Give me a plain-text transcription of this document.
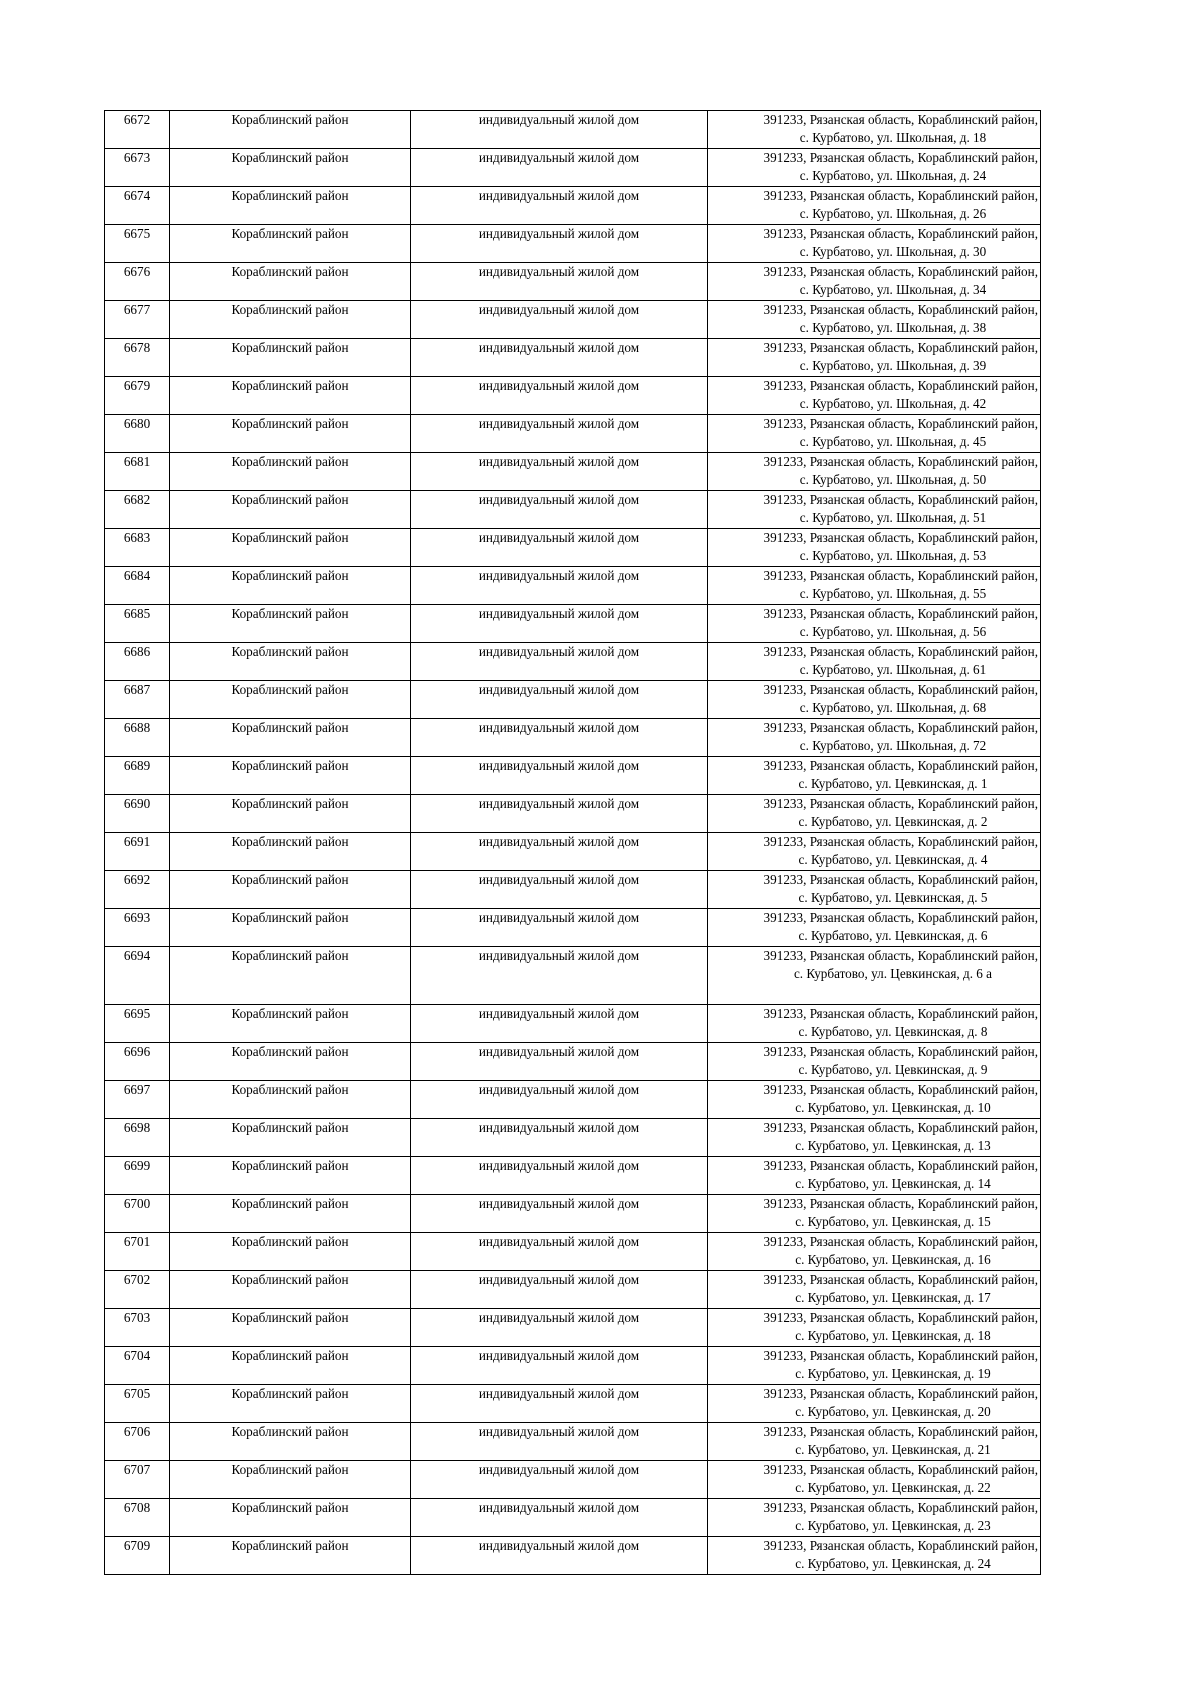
6672	Кораблинский район	индивидуальный жилой дом	391233, Рязанская область, Кораблинский район,
с. Курбатово, ул. Школьная, д. 18

6673	Кораблинский район	индивидуальный жилой дом	391233, Рязанская область, Кораблинский район,
с. Курбатово, ул. Школьная, д. 24

6674	Кораблинский район	индивидуальный жилой дом	391233, Рязанская область, Кораблинский район,
с. Курбатово, ул. Школьная, д. 26

6675	Кораблинский район	индивидуальный жилой дом	391233, Рязанская область, Кораблинский район,
с. Курбатово, ул. Школьная, д. 30

6676	Кораблинский район	индивидуальный жилой дом	391233, Рязанская область, Кораблинский район,
с. Курбатово, ул. Школьная, д. 34

6677	Кораблинский район	индивидуальный жилой дом	391233, Рязанская область, Кораблинский район,
с. Курбатово, ул. Школьная, д. 38

6678	Кораблинский район	индивидуальный жилой дом	391233, Рязанская область, Кораблинский район,
с. Курбатово, ул. Школьная, д. 39

6679	Кораблинский район	индивидуальный жилой дом	391233, Рязанская область, Кораблинский район,
с. Курбатово, ул. Школьная, д. 42

6680	Кораблинский район	индивидуальный жилой дом	391233, Рязанская область, Кораблинский район,
с. Курбатово, ул. Школьная, д. 45

6681	Кораблинский район	индивидуальный жилой дом	391233, Рязанская область, Кораблинский район,
с. Курбатово, ул. Школьная, д. 50

6682	Кораблинский район	индивидуальный жилой дом	391233, Рязанская область, Кораблинский район,
с. Курбатово, ул. Школьная, д. 51

6683	Кораблинский район	индивидуальный жилой дом	391233, Рязанская область, Кораблинский район,
с. Курбатово, ул. Школьная, д. 53

6684	Кораблинский район	индивидуальный жилой дом	391233, Рязанская область, Кораблинский район,
с. Курбатово, ул. Школьная, д. 55

6685	Кораблинский район	индивидуальный жилой дом	391233, Рязанская область, Кораблинский район,
с. Курбатово, ул. Школьная, д. 56

6686	Кораблинский район	индивидуальный жилой дом	391233, Рязанская область, Кораблинский район,
с. Курбатово, ул. Школьная, д. 61

6687	Кораблинский район	индивидуальный жилой дом	391233, Рязанская область, Кораблинский район,
с. Курбатово, ул. Школьная, д. 68

6688	Кораблинский район	индивидуальный жилой дом	391233, Рязанская область, Кораблинский район,
с. Курбатово, ул. Школьная, д. 72

6689	Кораблинский район	индивидуальный жилой дом	391233, Рязанская область, Кораблинский район,
с. Курбатово, ул. Цевкинская, д. 1

6690	Кораблинский район	индивидуальный жилой дом	391233, Рязанская область, Кораблинский район,
с. Курбатово, ул. Цевкинская, д. 2

6691	Кораблинский район	индивидуальный жилой дом	391233, Рязанская область, Кораблинский район,
с. Курбатово, ул. Цевкинская, д. 4

6692	Кораблинский район	индивидуальный жилой дом	391233, Рязанская область, Кораблинский район,
с. Курбатово, ул. Цевкинская, д. 5

6693	Кораблинский район	индивидуальный жилой дом	391233, Рязанская область, Кораблинский район,
с. Курбатово, ул. Цевкинская, д. 6

6694	Кораблинский район	индивидуальный жилой дом	391233, Рязанская область, Кораблинский район,
с. Курбатово, ул. Цевкинская, д. 6 а

6695	Кораблинский район	индивидуальный жилой дом	391233, Рязанская область, Кораблинский район,
с. Курбатово, ул. Цевкинская, д. 8

6696	Кораблинский район	индивидуальный жилой дом	391233, Рязанская область, Кораблинский район,
с. Курбатово, ул. Цевкинская, д. 9

6697	Кораблинский район	индивидуальный жилой дом	391233, Рязанская область, Кораблинский район,
с. Курбатово, ул. Цевкинская, д. 10

6698	Кораблинский район	индивидуальный жилой дом	391233, Рязанская область, Кораблинский район,
с. Курбатово, ул. Цевкинская, д. 13

6699	Кораблинский район	индивидуальный жилой дом	391233, Рязанская область, Кораблинский район,
с. Курбатово, ул. Цевкинская, д. 14

6700	Кораблинский район	индивидуальный жилой дом	391233, Рязанская область, Кораблинский район,
с. Курбатово, ул. Цевкинская, д. 15

6701	Кораблинский район	индивидуальный жилой дом	391233, Рязанская область, Кораблинский район,
с. Курбатово, ул. Цевкинская, д. 16

6702	Кораблинский район	индивидуальный жилой дом	391233, Рязанская область, Кораблинский район,
с. Курбатово, ул. Цевкинская, д. 17

6703	Кораблинский район	индивидуальный жилой дом	391233, Рязанская область, Кораблинский район,
с. Курбатово, ул. Цевкинская, д. 18

6704	Кораблинский район	индивидуальный жилой дом	391233, Рязанская область, Кораблинский район,
с. Курбатово, ул. Цевкинская, д. 19

6705	Кораблинский район	индивидуальный жилой дом	391233, Рязанская область, Кораблинский район,
с. Курбатово, ул. Цевкинская, д. 20

6706	Кораблинский район	индивидуальный жилой дом	391233, Рязанская область, Кораблинский район,
с. Курбатово, ул. Цевкинская, д. 21

6707	Кораблинский район	индивидуальный жилой дом	391233, Рязанская область, Кораблинский район,
с. Курбатово, ул. Цевкинская, д. 22

6708	Кораблинский район	индивидуальный жилой дом	391233, Рязанская область, Кораблинский район,
с. Курбатово, ул. Цевкинская, д. 23

6709	Кораблинский район	индивидуальный жилой дом	391233, Рязанская область, Кораблинский район,
с. Курбатово, ул. Цевкинская, д. 24
